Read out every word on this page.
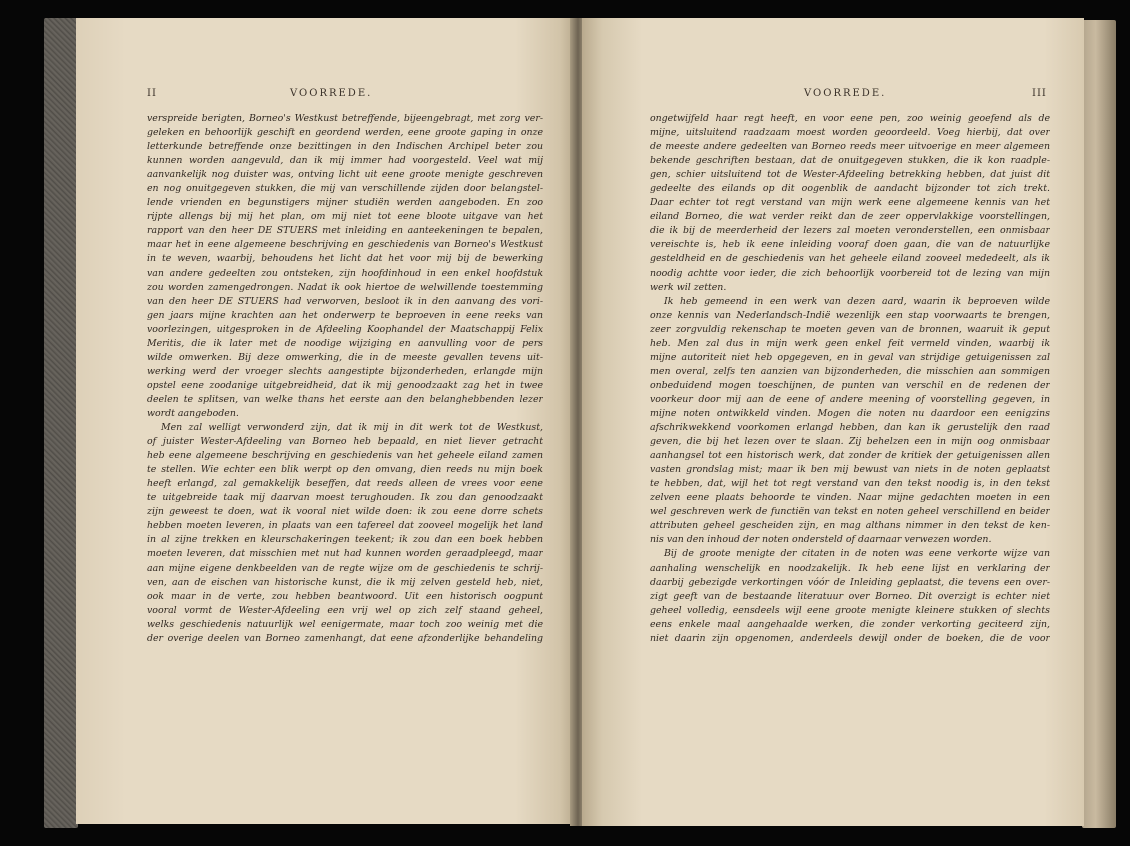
II	VOORREDE.
verspreide berigten, Borneo's Westkust betreffende, bijeengebragt, met zorg ver-
geleken en behoorlijk geschift en geordend werden, eene groote gaping in onze
letterkunde betreffende onze bezittingen in den Indischen Archipel beter zou
kunnen worden aangevuld, dan ik mij immer had voorgesteld. Veel wat mij
aanvankelijk nog duister was, ontving licht uit eene groote menigte geschreven
en nog onuitgegeven stukken, die mij van verschillende zijden door belangstel-
lende vrienden en begunstigers mijner studiën werden aangeboden. En zoo
rijpte allengs bij mij het plan, om mij niet tot eene bloote uitgave van het
rapport van den heer DE STUERS met inleiding en aanteekeningen te bepalen,
maar het in eene algemeene beschrijving en geschiedenis van Borneo's Westkust
in te weven, waarbij, behoudens het licht dat het voor mij bij de bewerking
van andere gedeelten zou ontsteken, zijn hoofdinhoud in een enkel hoofdstuk
zou worden zamengedrongen. Nadat ik ook hiertoe de welwillende toestemming
van den heer DE STUERS had verworven, besloot ik in den aanvang des vori-
gen jaars mijne krachten aan het onderwerp te beproeven in eene reeks van
voorlezingen, uitgesproken in de Afdeeling Koophandel der Maatschappij Felix
Meritis, die ik later met de noodige wijziging en aanvulling voor de pers
wilde omwerken. Bij deze omwerking, die in de meeste gevallen tevens uit-
werking werd der vroeger slechts aangestipte bijzonderheden, erlangde mijn
opstel eene zoodanige uitgebreidheid, dat ik mij genoodzaakt zag het in twee
deelen te splitsen, van welke thans het eerste aan den belanghebbenden lezer
wordt aangeboden.
Men zal welligt verwonderd zijn, dat ik mij in dit werk tot de Westkust,
of juister Wester-Afdeeling van Borneo heb bepaald, en niet liever getracht
heb eene algemeene beschrijving en geschiedenis van het geheele eiland zamen
te stellen. Wie echter een blik werpt op den omvang, dien reeds nu mijn boek
heeft erlangd, zal gemakkelijk beseffen, dat reeds alleen de vrees voor eene
te uitgebreide taak mij daarvan moest terughouden. Ik zou dan genoodzaakt
zijn geweest te doen, wat ik vooral niet wilde doen: ik zou eene dorre schets
hebben moeten leveren, in plaats van een tafereel dat zooveel mogelijk het land
in al zijne trekken en kleurschakeringen teekent; ik zou dan een boek hebben
moeten leveren, dat misschien met nut had kunnen worden geraadpleegd, maar
aan mijne eigene denkbeelden van de regte wijze om de geschiedenis te schrij-
ven, aan de eischen van historische kunst, die ik mij zelven gesteld heb, niet,
ook maar in de verte, zou hebben beantwoord. Uit een historisch oogpunt
vooral vormt de Wester-Afdeeling een vrij wel op zich zelf staand geheel,
welks geschiedenis natuurlijk wel eenigermate, maar toch zoo weinig met die
der overige deelen van Borneo zamenhangt, dat eene afzonderlijke behandeling
VOORREDE.	III
ongetwijfeld haar regt heeft, en voor eene pen, zoo weinig geoefend als de
mijne, uitsluitend raadzaam moest worden geoordeeld. Voeg hierbij, dat over
de meeste andere gedeelten van Borneo reeds meer uitvoerige en meer algemeen
bekende geschriften bestaan, dat de onuitgegeven stukken, die ik kon raadple-
gen, schier uitsluitend tot de Wester-Afdeeling betrekking hebben, dat juist dit
gedeelte des eilands op dit oogenblik de aandacht bijzonder tot zich trekt.
Daar echter tot regt verstand van mijn werk eene algemeene kennis van het
eiland Borneo, die wat verder reikt dan de zeer oppervlakkige voorstellingen,
die ik bij de meerderheid der lezers zal moeten veronderstellen, een onmisbaar
vereischte is, heb ik eene inleiding vooraf doen gaan, die van de natuurlijke
gesteldheid en de geschiedenis van het geheele eiland zooveel mededeelt, als ik
noodig achtte voor ieder, die zich behoorlijk voorbereid tot de lezing van mijn
werk wil zetten.
Ik heb gemeend in een werk van dezen aard, waarin ik beproeven wilde
onze kennis van Nederlandsch-Indië wezenlijk een stap voorwaarts te brengen,
zeer zorgvuldig rekenschap te moeten geven van de bronnen, waaruit ik geput
heb. Men zal dus in mijn werk geen enkel feit vermeld vinden, waarbij ik
mijne autoriteit niet heb opgegeven, en in geval van strijdige getuigenissen zal
men overal, zelfs ten aanzien van bijzonderheden, die misschien aan sommigen
onbeduidend mogen toeschijnen, de punten van verschil en de redenen der
voorkeur door mij aan de eene of andere meening of voorstelling gegeven, in
mijne noten ontwikkeld vinden. Mogen die noten nu daardoor een eenigzins
afschrikwekkend voorkomen erlangd hebben, dan kan ik gerustelijk den raad
geven, die bij het lezen over te slaan. Zij behelzen een in mijn oog onmisbaar
aanhangsel tot een historisch werk, dat zonder de kritiek der getuigenissen allen
vasten grondslag mist; maar ik ben mij bewust van niets in de noten geplaatst
te hebben, dat, wijl het tot regt verstand van den tekst noodig is, in den tekst
zelven eene plaats behoorde te vinden. Naar mijne gedachten moeten in een
wel geschreven werk de functiën van tekst en noten geheel verschillend en beider
attributen geheel gescheiden zijn, en mag althans nimmer in den tekst de ken-
nis van den inhoud der noten ondersteld of daarnaar verwezen worden.
Bij de groote menigte der citaten in de noten was eene verkorte wijze van
aanhaling wenschelijk en noodzakelijk. Ik heb eene lijst en verklaring der
daarbij gebezigde verkortingen vóór de Inleiding geplaatst, die tevens een over-
zigt geeft van de bestaande literatuur over Borneo. Dit overzigt is echter niet
geheel volledig, eensdeels wijl eene groote menigte kleinere stukken of slechts
eens enkele maal aangehaalde werken, die zonder verkorting geciteerd zijn,
niet daarin zijn opgenomen, anderdeels dewijl onder de boeken, die de voor
